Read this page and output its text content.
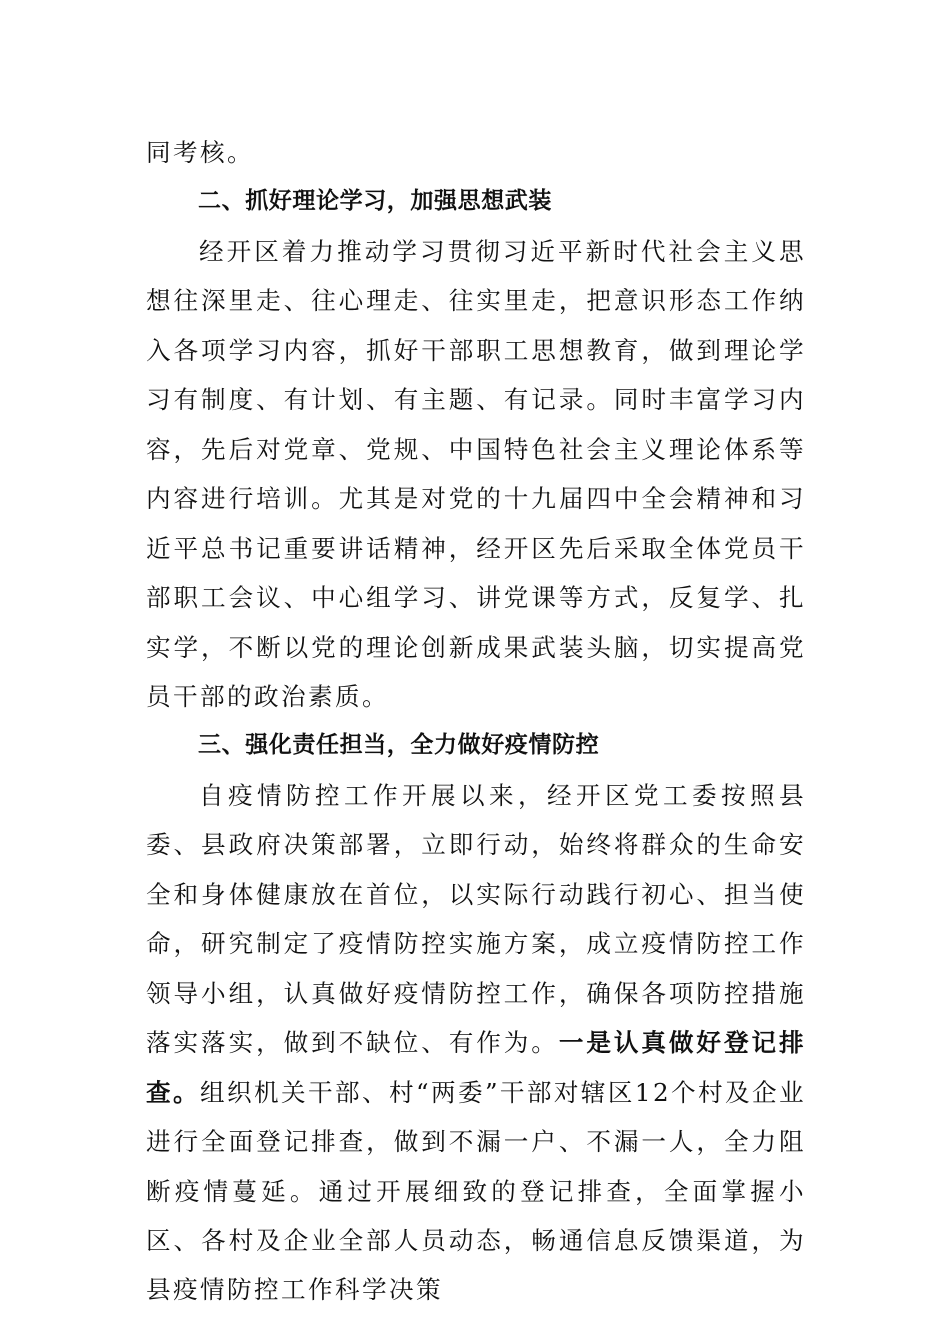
同考核。

二、抓好理论学习，加强思想武装

经开区着力推动学习贯彻习近平新时代社会主义思想往深里走、往心理走、往实里走，把意识形态工作纳入各项学习内容，抓好干部职工思想教育，做到理论学习有制度、有计划、有主题、有记录。同时丰富学习内容，先后对党章、党规、中国特色社会主义理论体系等内容进行培训。尤其是对党的十九届四中全会精神和习近平总书记重要讲话精神，经开区先后采取全体党员干部职工会议、中心组学习、讲党课等方式，反复学、扎实学，不断以党的理论创新成果武装头脑，切实提高党员干部的政治素质。

三、强化责任担当，全力做好疫情防控

自疫情防控工作开展以来，经开区党工委按照县委、县政府决策部署，立即行动，始终将群众的生命安全和身体健康放在首位，以实际行动践行初心、担当使命，研究制定了疫情防控实施方案，成立疫情防控工作领导小组，认真做好疫情防控工作，确保各项防控措施落实落实，做到不缺位、有作为。一是认真做好登记排查。组织机关干部、村“两委”干部对辖区12个村及企业进行全面登记排查，做到不漏一户、不漏一人，全力阻断疫情蔓延。通过开展细致的登记排查，全面掌握小区、各村及企业全部人员动态，畅通信息反馈渠道，为县疫情防控工作科学决策
